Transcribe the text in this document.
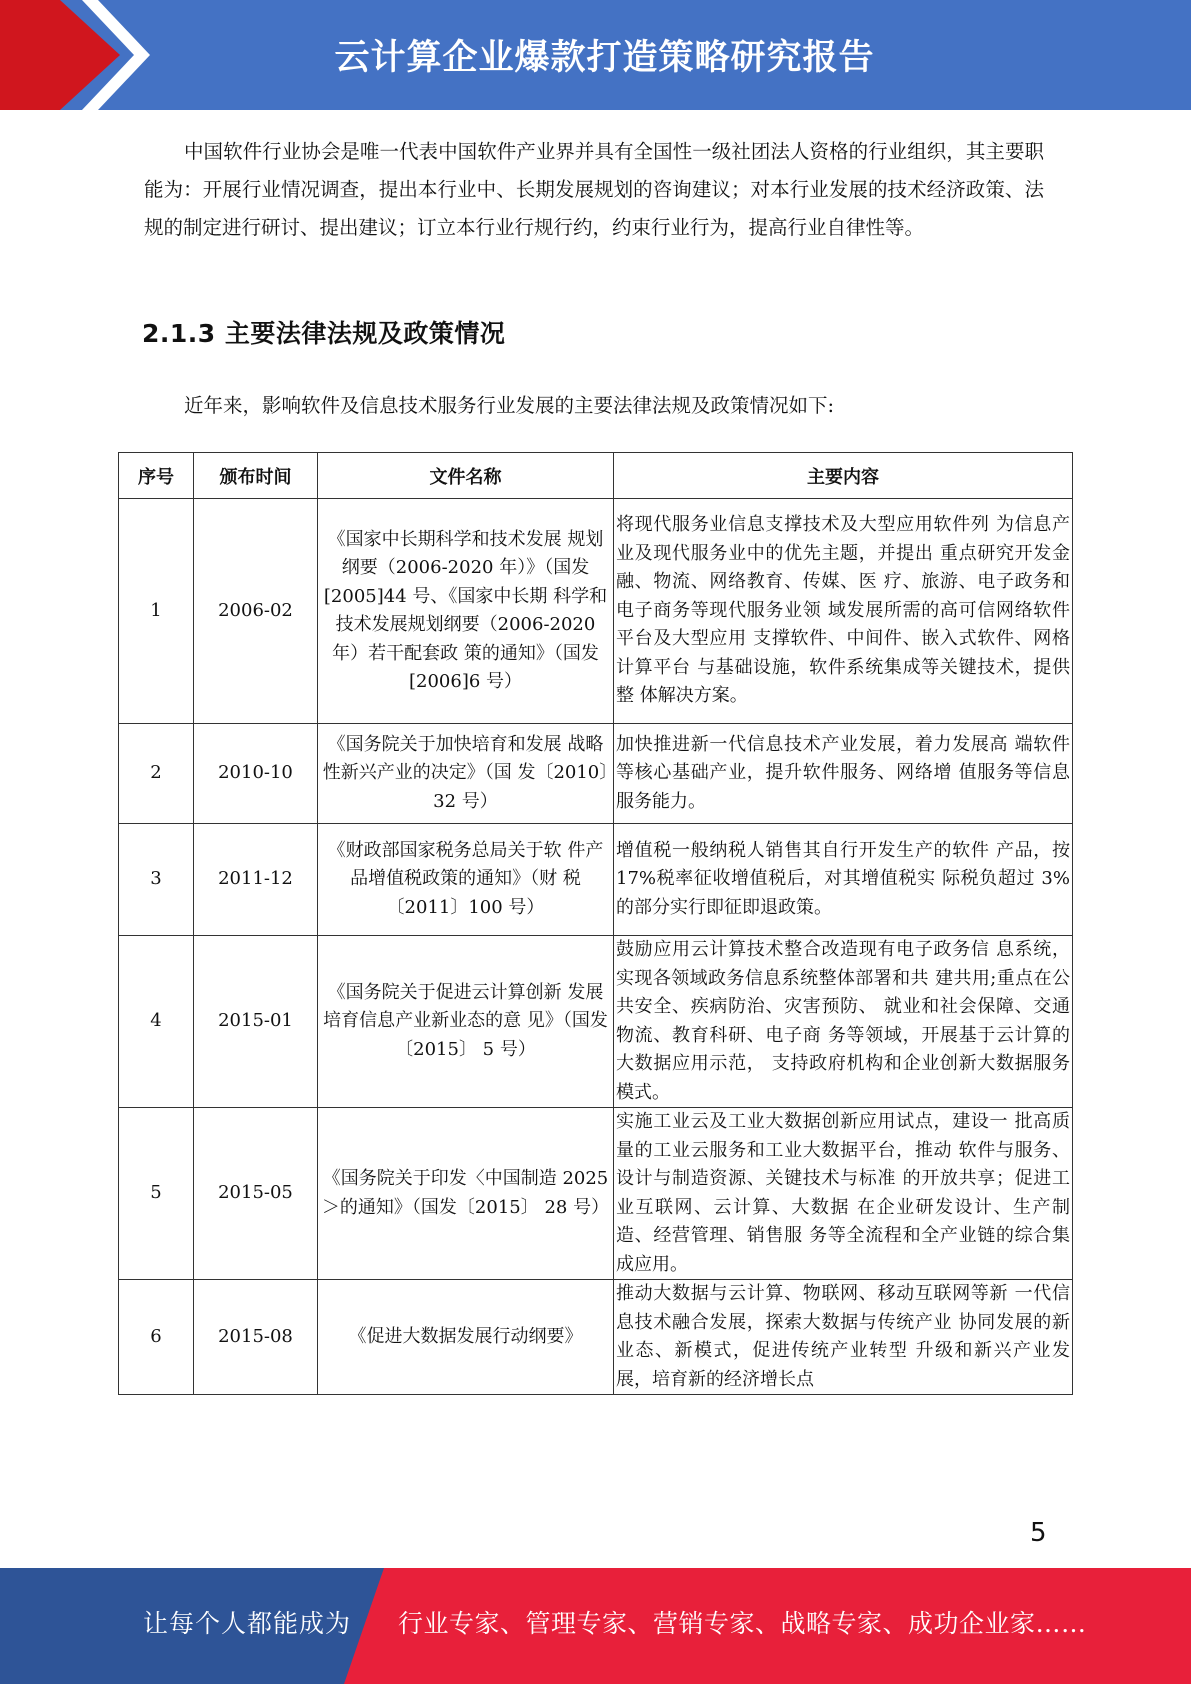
云计算企业爆款打造策略研究报告

中国软件行业协会是唯一代表中国软件产业界并具有全国性一级社团法人资格的行业组织，其主要职能为：开展行业情况调查，提出本行业中、长期发展规划的咨询建议；对本行业发展的技术经济政策、法规的制定进行研讨、提出建议；订立本行业行规行约，约束行业行为，提高行业自律性等。

2.1.3 主要法律法规及政策情况

近年来，影响软件及信息技术服务行业发展的主要法律法规及政策情况如下:

序号	颁布时间	文件名称	主要内容
1	2006-02	《国家中长期科学和技术发展 规划纲要（2006-2020 年）》（国发[2005]44 号、《国家中长期 科学和技术发展规划纲要（2006-2020 年）若干配套政 策的通知》（国发[2006]6 号）	将现代服务业信息支撑技术及大型应用软件列 为信息产业及现代服务业中的优先主题，并提出 重点研究开发金融、物流、网络教育、传媒、医 疗、旅游、电子政务和电子商务等现代服务业领 域发展所需的高可信网络软件平台及大型应用 支撑软件、中间件、嵌入式软件、网格计算平台 与基础设施，软件系统集成等关键技术，提供整 体解决方案。
2	2010-10	《国务院关于加快培育和发展 战略性新兴产业的决定》（国 发〔2010〕32 号）	加快推进新一代信息技术产业发展，着力发展高 端软件等核心基础产业，提升软件服务、网络增 值服务等信息服务能力。
3	2011-12	《财政部国家税务总局关于软 件产品增值税政策的通知》（财 税〔2011〕100 号）	增值税一般纳税人销售其自行开发生产的软件 产品，按 17%税率征收增值税后，对其增值税实 际税负超过 3%的部分实行即征即退政策。
4	2015-01	《国务院关于促进云计算创新 发展培育信息产业新业态的意 见》（国发〔2015〕 5 号）	鼓励应用云计算技术整合改造现有电子政务信 息系统，实现各领域政务信息系统整体部署和共 建共用;重点在公共安全、疾病防治、灾害预防、 就业和社会保障、交通物流、教育科研、电子商 务等领域，开展基于云计算的大数据应用示范， 支持政府机构和企业创新大数据服务模式。
5	2015-05	《国务院关于印发〈中国制造 2025＞的通知》（国发〔2015〕 28 号）	实施工业云及工业大数据创新应用试点，建设一 批高质量的工业云服务和工业大数据平台，推动 软件与服务、设计与制造资源、关键技术与标准 的开放共享；促进工业互联网、云计算、大数据 在企业研发设计、生产制造、经营管理、销售服 务等全流程和全产业链的综合集成应用。
6	2015-08	《促进大数据发展行动纲要》	推动大数据与云计算、物联网、移动互联网等新 一代信息技术融合发展，探索大数据与传统产业 协同发展的新业态、新模式，促进传统产业转型 升级和新兴产业发展，培育新的经济增长点
5
让每个人都能成为 行业专家、管理专家、营销专家、战略专家、成功企业家……
